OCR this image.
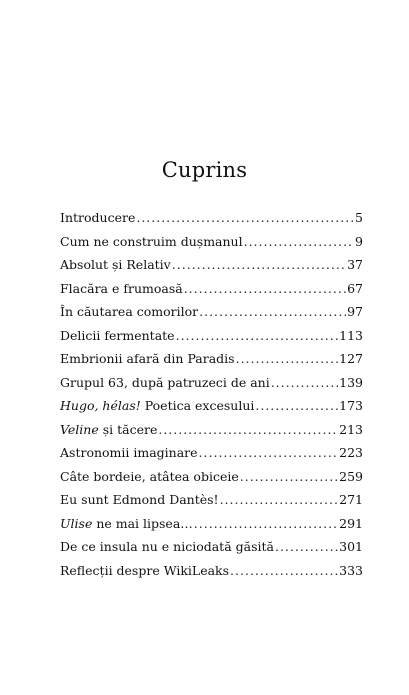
Cuprins
Introducere .....	5
Cum ne construim dușmanul .....	9
Absolut și Relativ .....	37
Flacăra e frumoasă .....	67
În căutarea comorilor .....	97
Delicii fermentate .....	113
Embrionii afară din Paradis .....	127
Grupul 63, după patruzeci de ani .....	139
Hugo, hélas! Poetica excesului .....	173
Veline și tăcere .....	213
Astronomii imaginare .....	223
Câte bordeie, atâtea obiceie .....	259
Eu sunt Edmond Dantès! .....	271
Ulise ne mai lipsea… .....	291
De ce insula nu e niciodată găsită .....	301
Reflecții despre WikiLeaks .....	333
